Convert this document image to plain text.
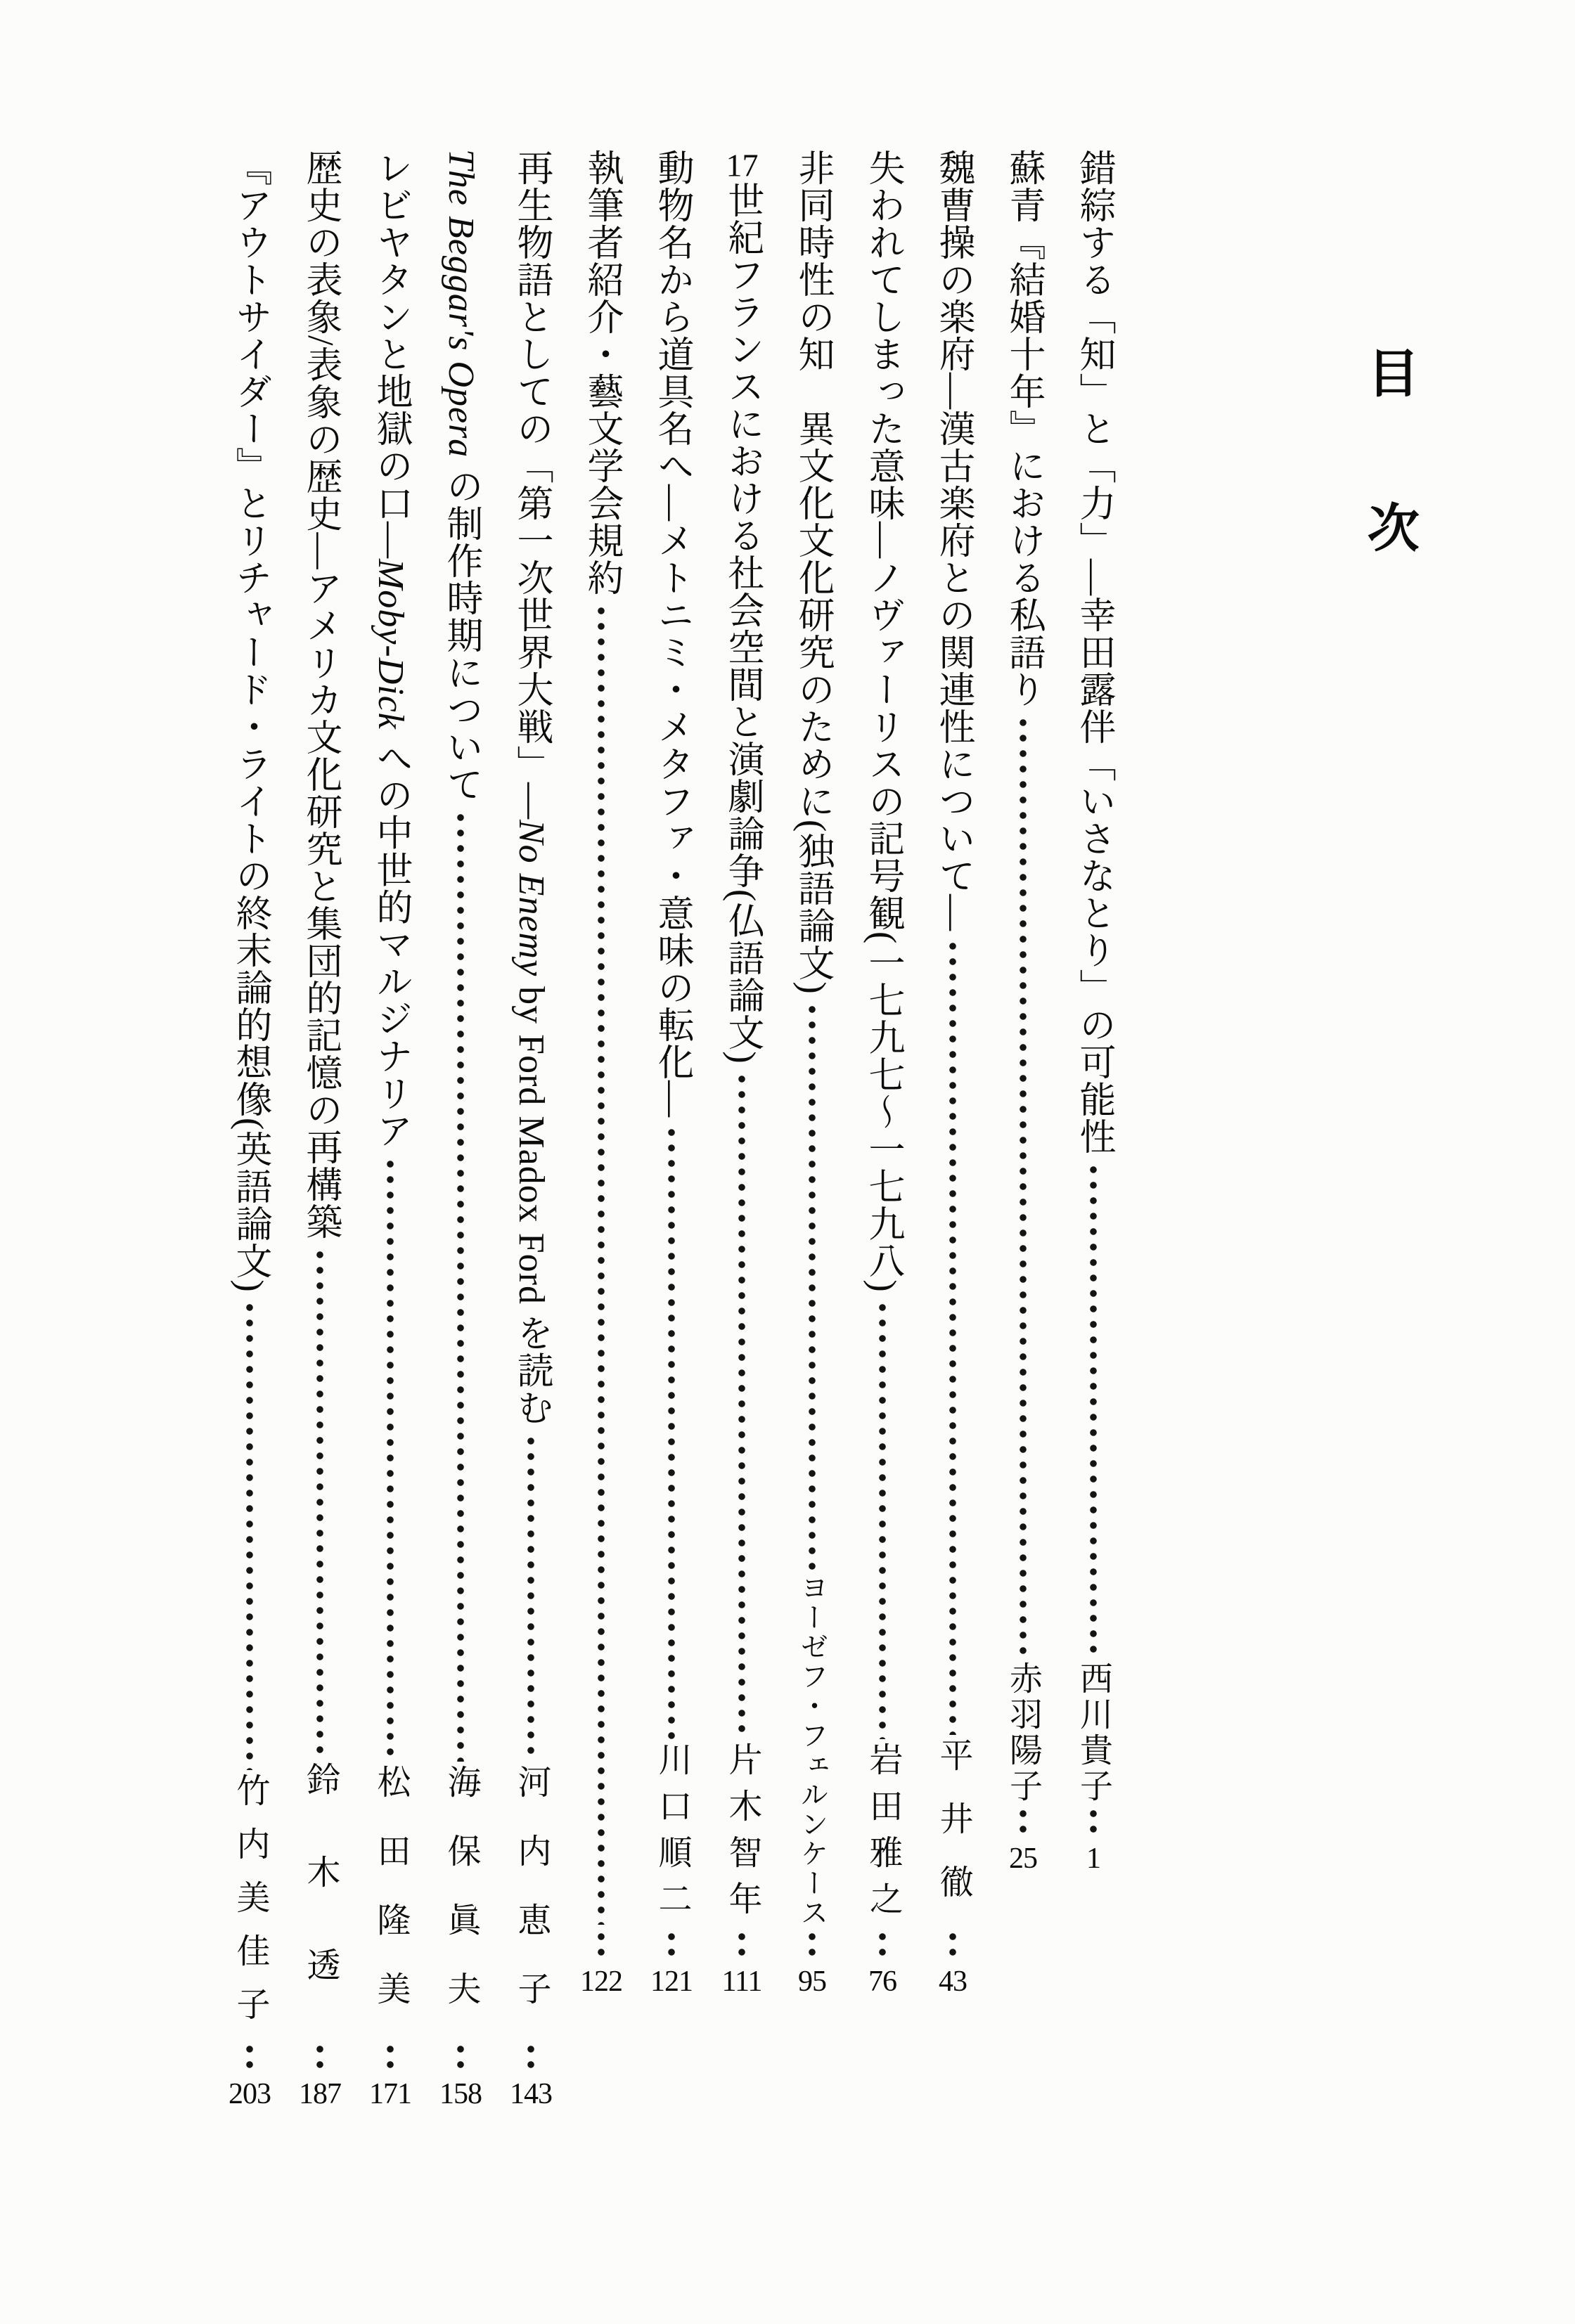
目次
錯綜する「知」と「力」—幸田露伴「いさなとり」の可能性
西川貴子
1
蘇青『結婚十年』における私語り
赤羽陽子
25
魏曹操の楽府—漢古楽府との関連性について—
平井徹
43
失われてしまった意味—ノヴァーリスの記号観(一七九七〜一七九八)
岩田雅之
76
非同時性の知　異文化文化研究のために(独語論文)
ヨーゼフ・フェルンケース
95
17世紀フランスにおける社会空間と演劇論争(仏語論文)
片木智年
111
動物名から道具名へ—メトニミ・メタファ・意味の転化—
川口順二
121
執筆者紹介・藝文学会規約
122
再生物語としての「第一次世界大戦」—No Enemy by Ford Madox Ford を読む
河内恵子
143
The Beggar's Opera の制作時期について
海保眞夫
158
レビヤタンと地獄の口—Moby-Dick への中世的マルジナリア
松田隆美
171
歴史の表象/表象の歴史—アメリカ文化研究と集団的記憶の再構築
鈴木透
187
『アウトサイダー』とリチャード・ライトの終末論的想像(英語論文)
竹内美佳子
203
